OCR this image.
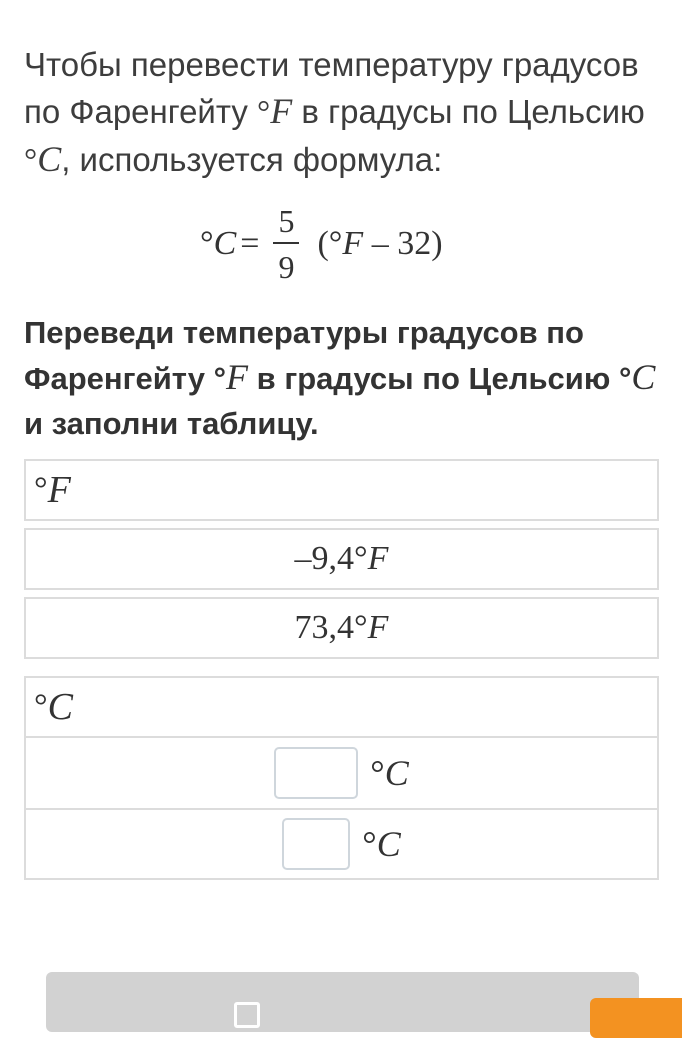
Чтобы перевести температуру градусов по Фаренгейту °F в градусы по Цельсию °C, используется формула:
° $C = \frac{5}{9}$ (° F – 32)
Переведи температуры градусов по Фаренгейту °F в градусы по Цельсию °C и заполни таблицу.
° F
–9,4° F
73,4° F
° C
°C
°C
